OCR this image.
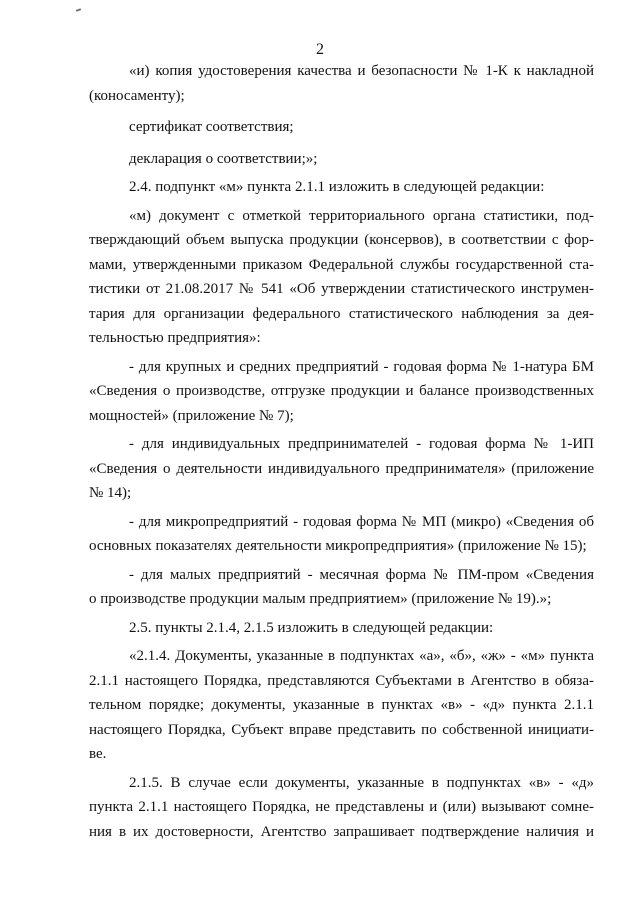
2

«и) копия удостоверения качества и безопасности № 1-К к накладной
(коносаменту);

сертификат соответствия;

декларация о соответствии;»;

2.4. подпункт «м» пункта 2.1.1 изложить в следующей редакции:

«м) документ с отметкой территориального органа статистики, под-
тверждающий объем выпуска продукции (консервов), в соответствии с фор-
мами, утвержденными приказом Федеральной службы государственной ста-
тистики от 21.08.2017 № 541 «Об утверждении статистического инструмен-
тария для организации федерального статистического наблюдения за дея-
тельностью предприятия»:

- для крупных и средних предприятий - годовая форма № 1-натура БМ
«Сведения о производстве, отгрузке продукции и балансе производственных
мощностей» (приложение № 7);

- для индивидуальных предпринимателей - годовая форма № 1-ИП
«Сведения о деятельности индивидуального предпринимателя» (приложение
№ 14);

- для микропредприятий - годовая форма № МП (микро) «Сведения об
основных показателях деятельности микропредприятия» (приложение № 15);

- для малых предприятий - месячная форма № ПМ-пром «Сведения
о производстве продукции малым предприятием» (приложение № 19).»;

2.5. пункты 2.1.4, 2.1.5 изложить в следующей редакции:

«2.1.4. Документы, указанные в подпунктах «а», «б», «ж» - «м» пункта
2.1.1 настоящего Порядка, представляются Субъектами в Агентство в обяза-
тельном порядке; документы, указанные в пунктах «в» - «д» пункта 2.1.1
настоящего Порядка, Субъект вправе представить по собственной инициати-
ве.

2.1.5. В случае если документы, указанные в подпунктах «в» - «д»
пункта 2.1.1 настоящего Порядка, не представлены и (или) вызывают сомне-
ния в их достоверности, Агентство запрашивает подтверждение наличия и
